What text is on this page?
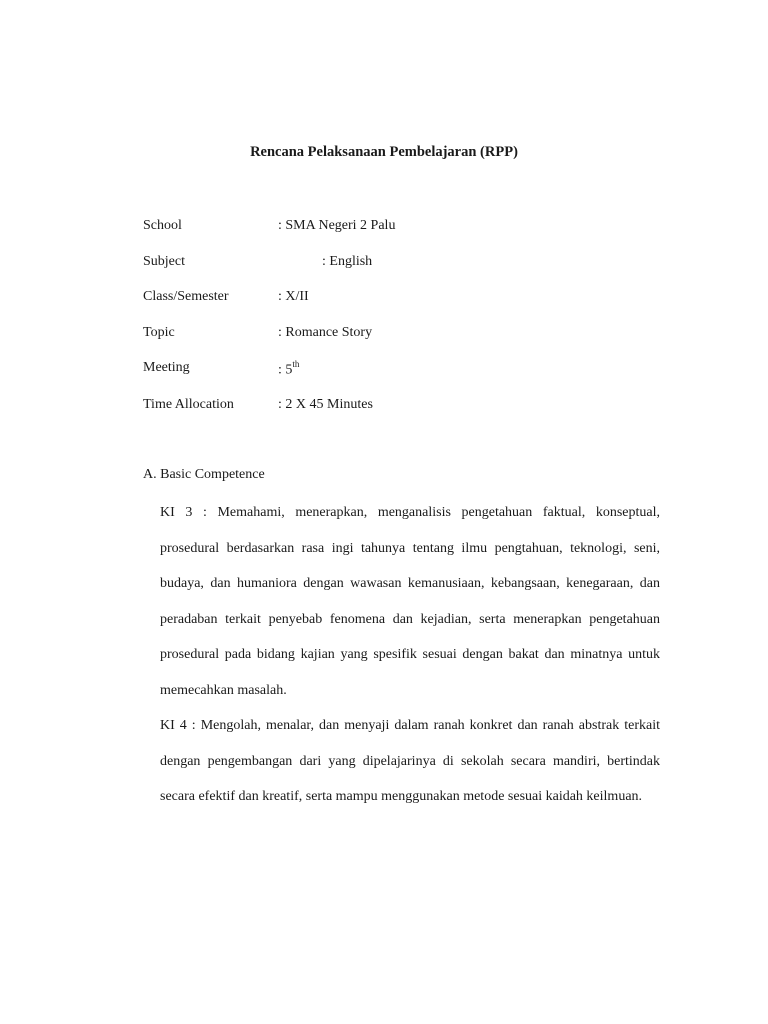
Rencana Pelaksanaan Pembelajaran (RPP)
School	: SMA Negeri 2 Palu
Subject	: English
Class/Semester	: X/II
Topic	: Romance Story
Meeting	: 5th
Time Allocation	: 2 X 45 Minutes
A. Basic Competence

KI 3 : Memahami, menerapkan, menganalisis pengetahuan faktual, konseptual, prosedural berdasarkan rasa ingi tahunya tentang ilmu pengtahuan, teknologi, seni, budaya, dan humaniora dengan wawasan kemanusiaan, kebangsaan, kenegaraan, dan peradaban terkait penyebab fenomena dan kejadian, serta menerapkan pengetahuan prosedural pada bidang kajian yang spesifik sesuai dengan bakat dan minatnya untuk memecahkan masalah.

KI 4 : Mengolah, menalar, dan menyaji dalam ranah konkret dan ranah abstrak terkait dengan pengembangan dari yang dipelajarinya di sekolah secara mandiri, bertindak secara efektif dan kreatif, serta mampu menggunakan metode sesuai kaidah keilmuan.
